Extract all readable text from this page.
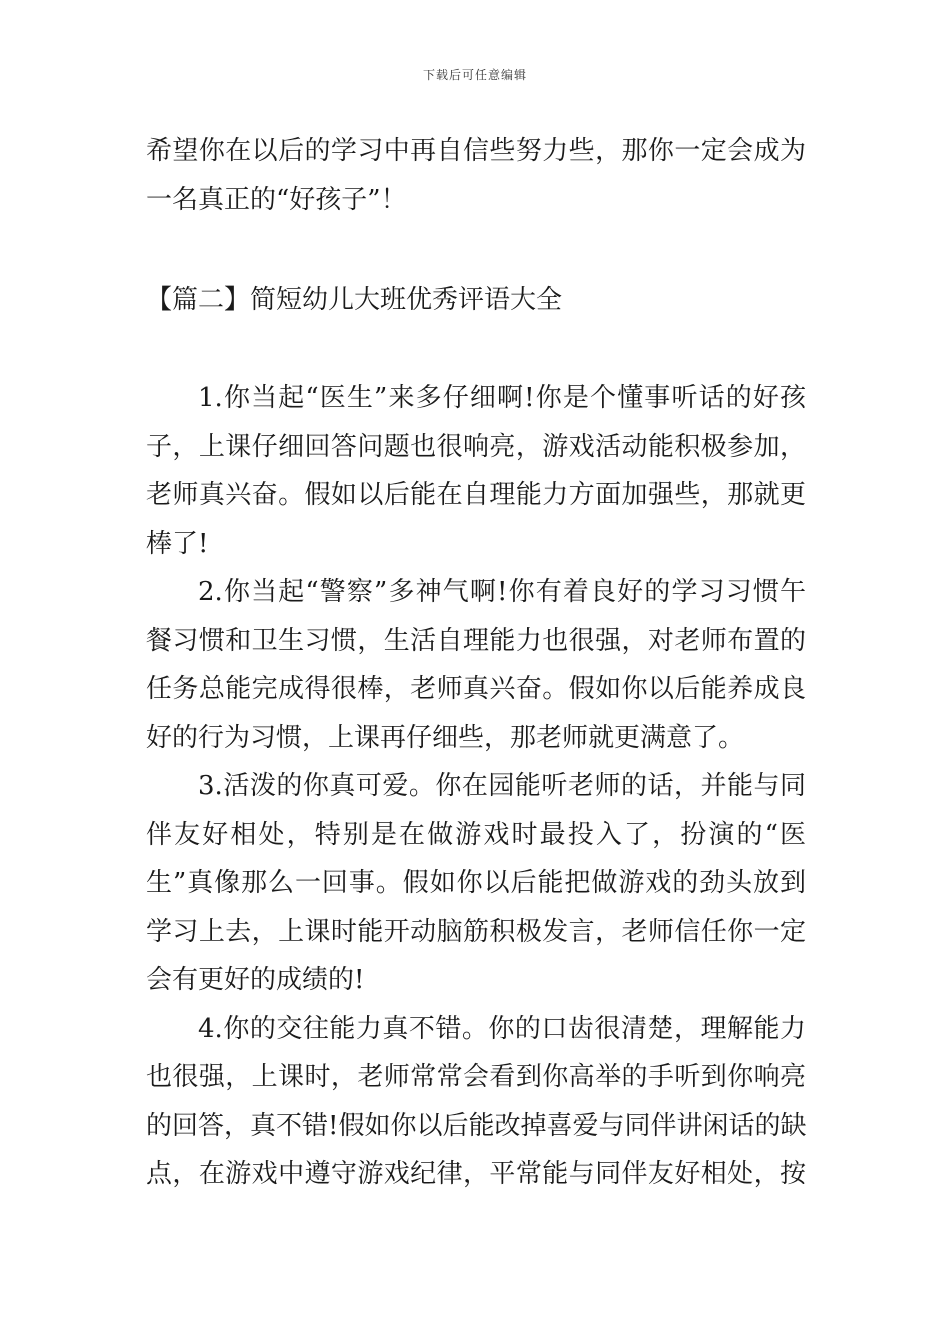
下载后可任意编辑

希望你在以后的学习中再自信些努力些，那你一定会成为
一名真正的“好孩子”！

【篇二】简短幼儿大班优秀评语大全

1.你当起“医生”来多仔细啊!你是个懂事听话的好孩
子，上课仔细回答问题也很响亮，游戏活动能积极参加，
老师真兴奋。假如以后能在自理能力方面加强些，那就更
棒了!

2.你当起“警察”多神气啊!你有着良好的学习习惯午
餐习惯和卫生习惯，生活自理能力也很强，对老师布置的
任务总能完成得很棒，老师真兴奋。假如你以后能养成良
好的行为习惯，上课再仔细些，那老师就更满意了。

3.活泼的你真可爱。你在园能听老师的话，并能与同
伴友好相处，特别是在做游戏时最投入了，扮演的“医
生”真像那么一回事。假如你以后能把做游戏的劲头放到
学习上去，上课时能开动脑筋积极发言，老师信任你一定
会有更好的成绩的!

4.你的交往能力真不错。你的口齿很清楚，理解能力
也很强，上课时，老师常常会看到你高举的手听到你响亮
的回答，真不错!假如你以后能改掉喜爱与同伴讲闲话的缺
点，在游戏中遵守游戏纪律，平常能与同伴友好相处，按
